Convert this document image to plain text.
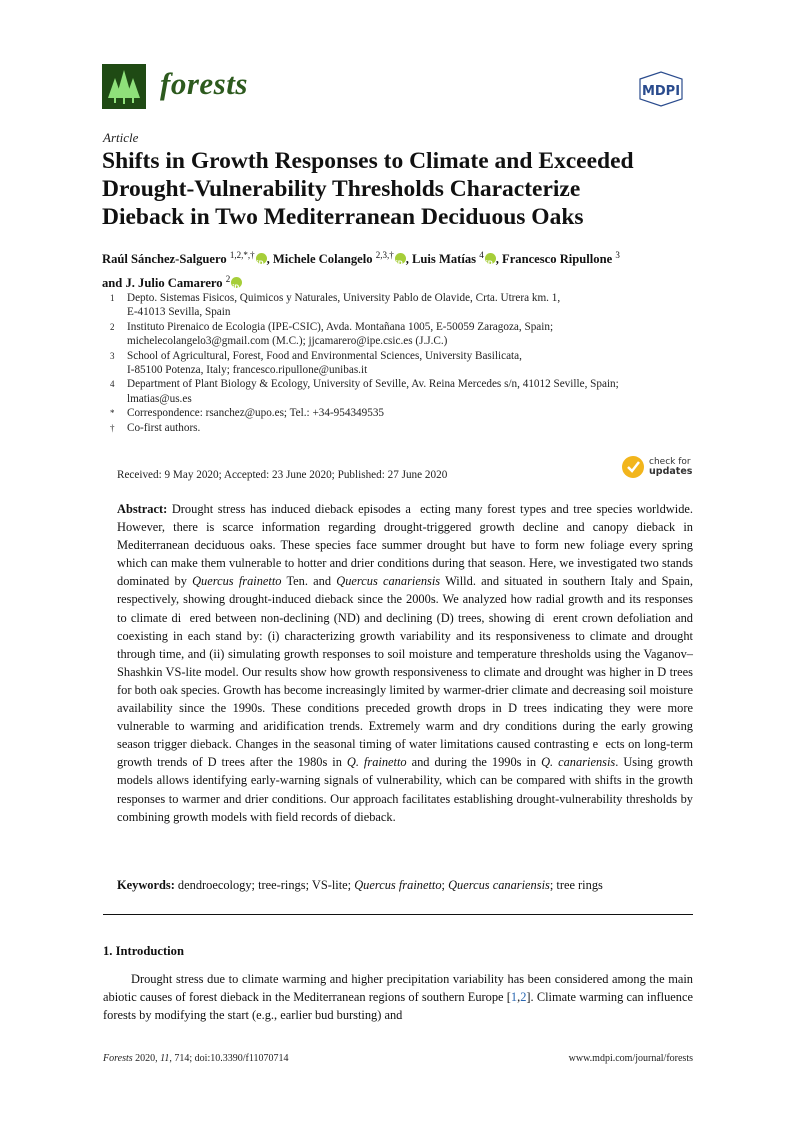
forests	MDPI
Article
Shifts in Growth Responses to Climate and Exceeded
Drought-Vulnerability Thresholds Characterize
Dieback in Two Mediterranean Deciduous Oaks
Raúl Sánchez-Salguero $^{1,2,*,\dagger}$ iD , Michele Colangelo $^{2,3,\dagger}$ iD , Luis Matías $^4$ iD , Francesco Ripullone $^3$
and J. Julio Camarero $^2$iD
1	Depto. Sistemas Fisicos, Quimicos y Naturales, University Pablo de Olavide, Crta. Utrera km. 1,
E-41013 Sevilla, Spain
2	Instituto Pirenaico de Ecologia (IPE-CSIC), Avda. Montañana 1005, E-50059 Zaragoza, Spain;
michelecolangelo3@gmail.com (M.C.); jjcamarero@ipe.csic.es (J.J.C.)
3	School of Agricultural, Forest, Food and Environmental Sciences, University Basilicata,
I-85100 Potenza, Italy; francesco.ripullone@unibas.it
4	Department of Plant Biology & Ecology, University of Seville, Av. Reina Mercedes s/n, 41012 Seville, Spain;
lmatias@us.es
*	Correspondence: rsanchez@upo.es; Tel.: +34-954349535
†	Co-first authors.
Received: 9 May 2020; Accepted: 23 June 2020; Published: 27 June 2020
check for
updates
Abstract: Drought stress has induced dieback episodes a  ecting many forest types and tree species worldwide. However, there is scarce information regarding drought-triggered growth decline and canopy dieback in Mediterranean deciduous oaks. These species face summer drought but have to form new foliage every spring which can make them vulnerable to hotter and drier conditions during that season. Here, we investigated two stands dominated by Quercus frainetto Ten. and Quercus canariensis Willd. and situated in southern Italy and Spain, respectively, showing drought-induced dieback since the 2000s. We analyzed how radial growth and its responses to climate di  ered between non-declining (ND) and declining (D) trees, showing di  erent crown defoliation and coexisting in each stand by: (i) characterizing growth variability and its responsiveness to climate and drought through time, and (ii) simulating growth responses to soil moisture and temperature thresholds using the Vaganov–Shashkin VS-lite model. Our results show how growth responsiveness to climate and drought was higher in D trees for both oak species. Growth has become increasingly limited by warmer-drier climate and decreasing soil moisture availability since the 1990s. These conditions preceded growth drops in D trees indicating they were more vulnerable to warming and aridification trends. Extremely warm and dry conditions during the early growing season trigger dieback. Changes in the seasonal timing of water limitations caused contrasting e  ects on long-term growth trends of D trees after the 1980s in Q. frainetto and during the 1990s in Q. canariensis. Using growth models allows identifying early-warning signals of vulnerability, which can be compared with shifts in the growth responses to warmer and drier conditions. Our approach facilitates establishing drought-vulnerability thresholds by combining growth models with field records of dieback.
Keywords: dendroecology; tree-rings; VS-lite; Quercus frainetto; Quercus canariensis; tree rings
1. Introduction

Drought stress due to climate warming and higher precipitation variability has been considered among the main abiotic causes of forest dieback in the Mediterranean regions of southern Europe [1,2]. Climate warming can influence forests by modifying the start (e.g., earlier bud bursting) and

Forests 2020, 11, 714; doi:10.3390/f11070714	www.mdpi.com/journal/forests
